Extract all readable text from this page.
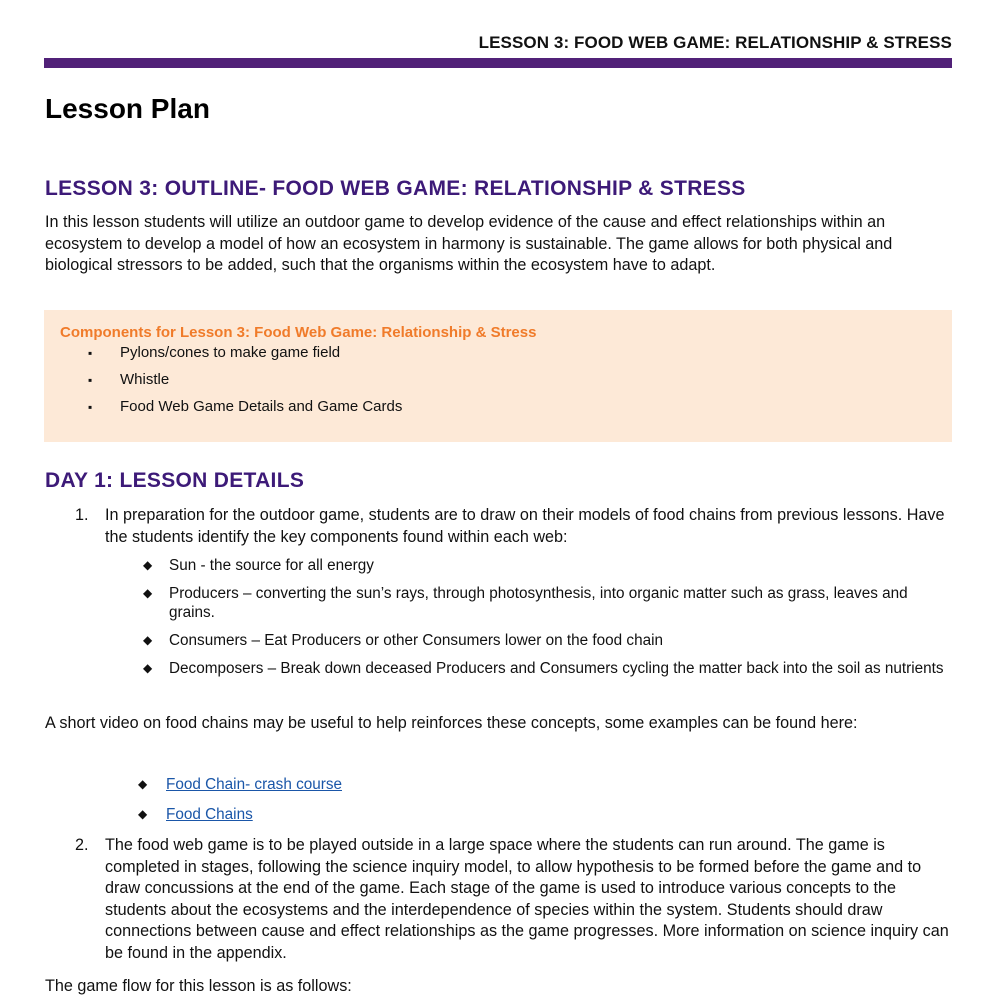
LESSON 3: FOOD WEB GAME: RELATIONSHIP & STRESS
Lesson Plan
LESSON 3: OUTLINE- FOOD WEB GAME: RELATIONSHIP & STRESS

In this lesson students will utilize an outdoor game to develop evidence of the cause and effect relationships within an ecosystem to develop a model of how an ecosystem in harmony is sustainable. The game allows for both physical and biological stressors to be added, such that the organisms within the ecosystem have to adapt.

Components for Lesson 3: Food Web Game: Relationship & Stress
▪ Pylons/cones to make game field
▪ Whistle
▪ Food Web Game Details and Game Cards
DAY 1: LESSON DETAILS
1. In preparation for the outdoor game, students are to draw on their models of food chains from previous lessons. Have the students identify the key components found within each web:
◆ Sun - the source for all energy
◆ Producers – converting the sun’s rays, through photosynthesis, into organic matter such as grass, leaves and grains.
◆ Consumers – Eat Producers or other Consumers lower on the food chain
◆ Decomposers – Break down deceased Producers and Consumers cycling the matter back into the soil as nutrients

A short video on food chains may be useful to help reinforces these concepts, some examples can be found here:

◆ Food Chain- crash course
◆ Food Chains
2. The food web game is to be played outside in a large space where the students can run around. The game is completed in stages, following the science inquiry model, to allow hypothesis to be formed before the game and to draw concussions at the end of the game. Each stage of the game is used to introduce various concepts to the students about the ecosystems and the interdependence of species within the system. Students should draw connections between cause and effect relationships as the game progresses. More information on science inquiry can be found in the appendix.

The game flow for this lesson is as follows:
